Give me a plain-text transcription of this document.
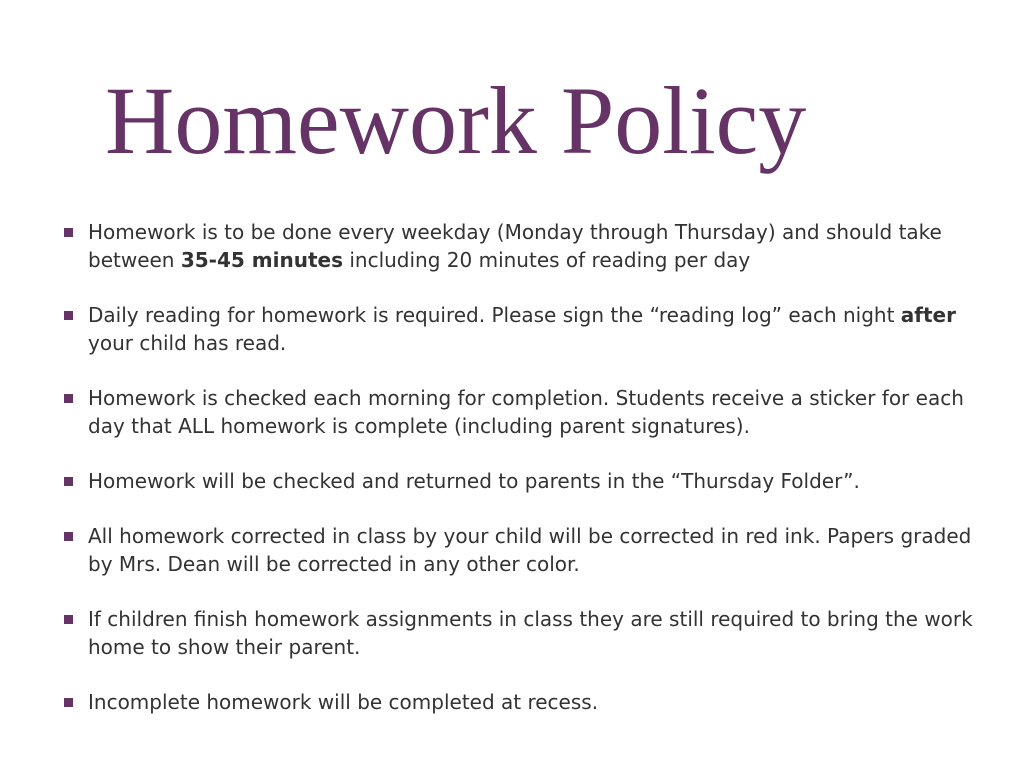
Homework Policy
Homework is to be done every weekday (Monday through Thursday) and should take between 35-45 minutes including 20 minutes of reading per day
Daily reading for homework is required. Please sign the “reading log” each night after your child has read.
Homework is checked each morning for completion. Students receive a sticker for each day that ALL homework is complete (including parent signatures).
Homework will be checked and returned to parents in the “Thursday Folder”.
All homework corrected in class by your child will be corrected in red ink. Papers graded by Mrs. Dean will be corrected in any other color.
If children finish homework assignments in class they are still required to bring the work home to show their parent.
Incomplete homework will be completed at recess.
